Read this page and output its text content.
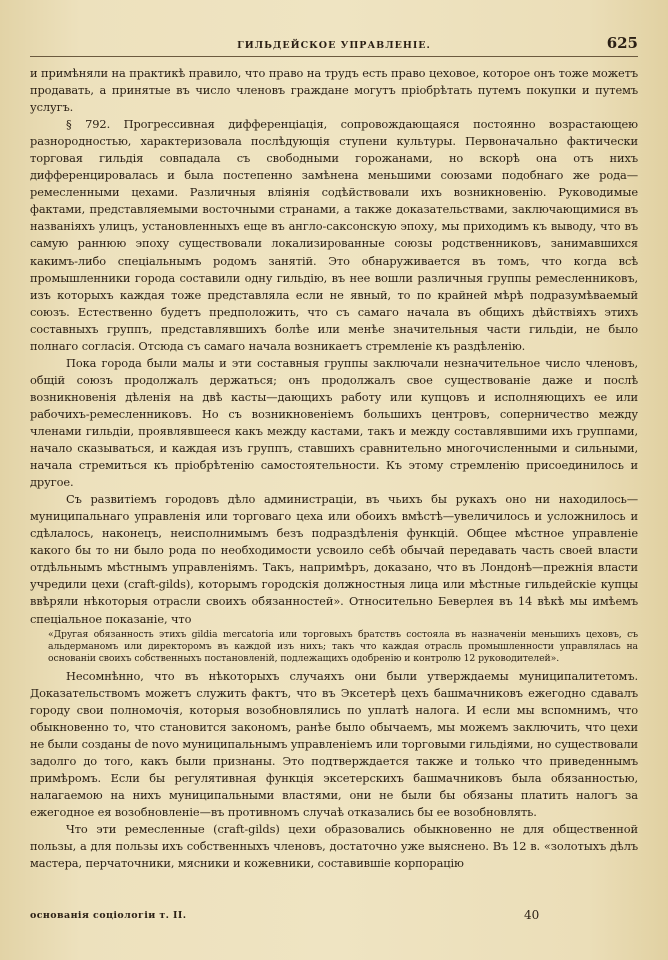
ГИЛЬДЕЙСКОЕ УПРАВЛЕНIЕ.	625

и примѣняли на практикѣ правило, что право на трудъ есть право цеховое, которое онъ тоже можетъ продавать, а принятые въ число членовъ граждане могутъ прiобрѣтать путемъ покупки и путемъ услугъ.

§ 792. Прогрессивная дифференцiацiя, сопровождающаяся постоянно возрастающею разнородностью, характеризовала послѣдующiя ступени культуры. Первоначально фактически торговая гильдiя совпадала съ свободными горожанами, но вскорѣ она отъ нихъ дифференцировалась и была постепенно замѣнена меньшими союзами подобнаго же рода—ремесленными цехами. Различныя влiянiя содѣйствовали ихъ возникновенiю. Руководимые фактами, представляемыми восточными странами, а также доказательствами, заключающимися въ названiяхъ улицъ, установленныхъ еще въ англо-саксонскую эпоху, мы приходимъ къ выводу, что въ самую раннюю эпоху существовали локализированные союзы родственниковъ, занимавшихся какимъ-либо спецiальнымъ родомъ занятiй. Это обнаруживается въ томъ, что когда всѣ промышленники города составили одну гильдiю, въ нее вошли различныя группы ремесленниковъ, изъ которыхъ каждая тоже представляла если не явный, то по крайней мѣрѣ подразумѣваемый союзъ. Естественно будетъ предположить, что съ самаго начала въ общихъ дѣйствiяхъ этихъ составныхъ группъ, представлявшихъ болѣе или менѣе значительныя части гильдiи, не было полнаго согласiя. Отсюда съ самаго начала возникаетъ стремленiе къ раздѣленiю.

Пока города были малы и эти составныя группы заключали незначительное число членовъ, общiй союзъ продолжалъ держаться; онъ продолжалъ свое существованiе даже и послѣ возникновенiя дѣленiя на двѣ касты—дающихъ работу или купцовъ и исполняющихъ ее или рабочихъ-ремесленниковъ. Но съ возникновенiемъ большихъ центровъ, соперничество между членами гильдiи, проявлявшееся какъ между кастами, такъ и между составлявшими ихъ группами, начало сказываться, и каждая изъ группъ, ставшихъ сравнительно многочисленными и сильными, начала стремиться къ прiобрѣтенiю самостоятельности. Къ этому стремленiю присоединилось и другое.

Съ развитiемъ городовъ дѣло администрацiи, въ чьихъ бы рукахъ оно ни находилось—муниципальнаго управленiя или торговаго цеха или обоихъ вмѣстѣ—увеличилось и усложнилось и сдѣлалось, наконецъ, неисполнимымъ безъ подраздѣленiя функцiй. Общее мѣстное управленiе какого бы то ни было рода по необходимости усвоило себѣ обычай передавать часть своей власти отдѣльнымъ мѣстнымъ управленiямъ. Такъ, напримѣръ, доказано, что въ Лондонѣ—прежнiя власти учредили цехи (craft-gilds), которымъ городскiя должностныя лица или мѣстные гильдейскiе купцы ввѣряли нѣкоторыя отрасли своихъ обязанностей». Относительно Беверлея въ 14 вѣкѣ мы имѣемъ спецiальное показанiе, что

«Другая обязанность этихъ gildia mercatoria или торговыхъ братствъ состояла въ назначенiи меньшихъ цеховъ, съ альдерманомъ или директоромъ въ каждой изъ нихъ; такъ что каждая отрасль промышленности управлялась на основанiи своихъ собственныхъ постановленiй, подлежащихъ одобренiю и контролю 12 руководителей».

Несомнѣнно, что въ нѣкоторыхъ случаяхъ они были утверждаемы муниципалитетомъ. Доказательствомъ можетъ служить фактъ, что въ Эксетерѣ цехъ башмачниковъ ежегодно сдавалъ городу свои полномочiя, которыя возобновлялись по уплатѣ налога. И если мы вспомнимъ, что обыкновенно то, что становится закономъ, ранѣе было обычаемъ, мы можемъ заключить, что цехи не были созданы de novo муниципальнымъ управленiемъ или торговыми гильдiями, но существовали задолго до того, какъ были признаны. Это подтверждается также и только что приведеннымъ примѣромъ. Если бы регулятивная функцiя эксетерскихъ башмачниковъ была обязанностью, налагаемою на нихъ муниципальными властями, они не были бы обязаны платить налогъ за ежегодное ея возобновленiе—въ противномъ случаѣ отказались бы ее возобновлять.

Что эти ремесленные (craft-gilds) цехи образовались обыкновенно не для общественной пользы, а для пользы ихъ собственныхъ членовъ, достаточно уже выяснено. Въ 12 в. «золотыхъ дѣлъ мастера, перчаточники, мясники и кожевники, составившiе корпорацiю

основанiя соцiологiи т. II.	40
